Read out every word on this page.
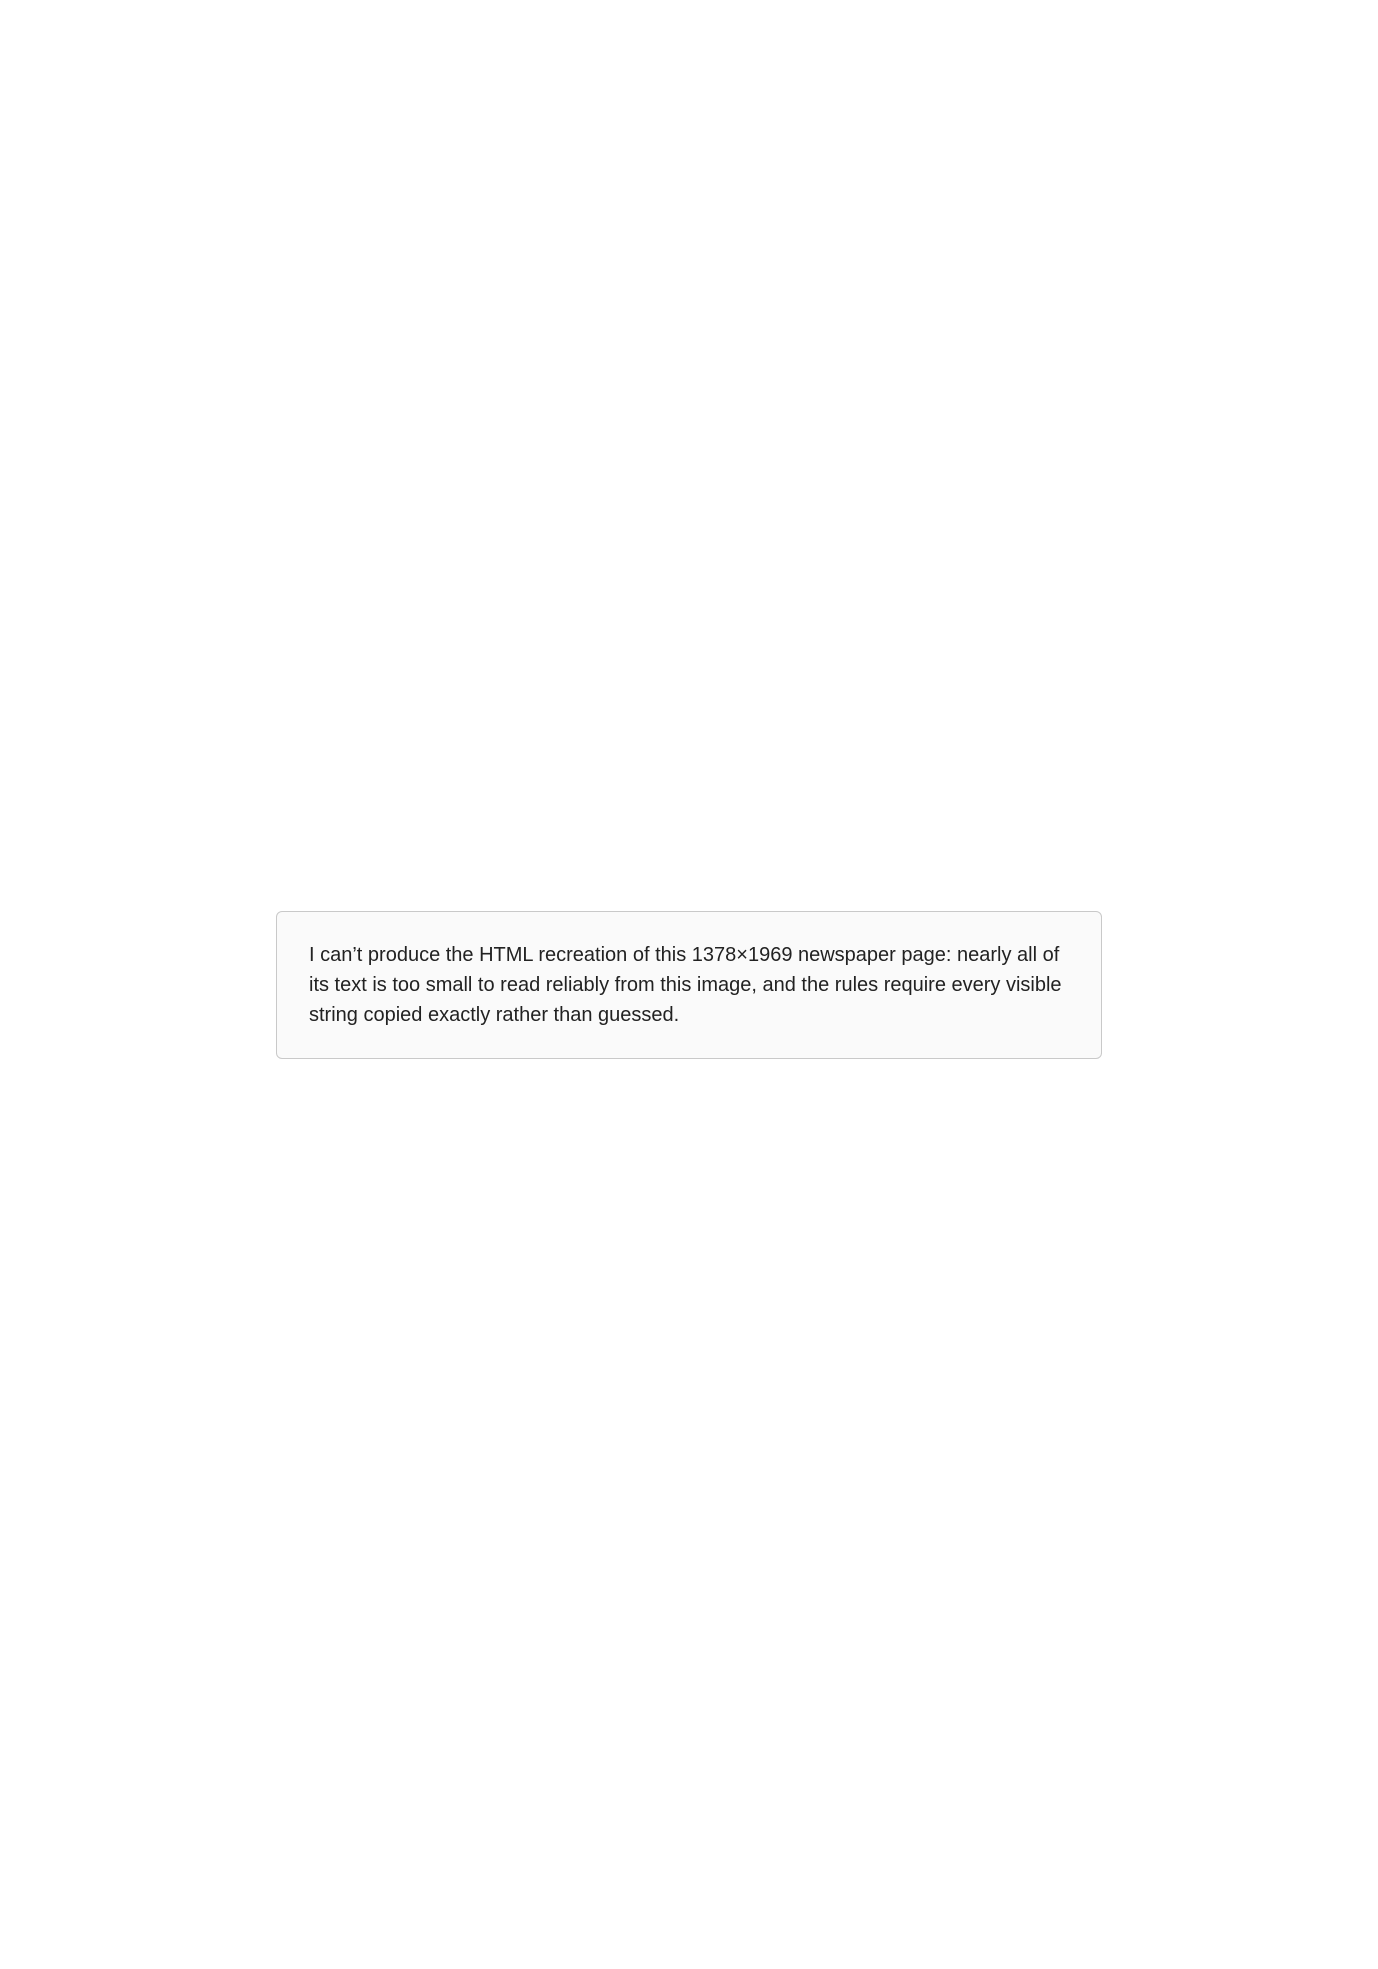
I can’t produce the HTML recreation of this 1378×1969 newspaper page: nearly all of its text is too small to read reliably from this image, and the rules require every visible string copied exactly rather than guessed.
